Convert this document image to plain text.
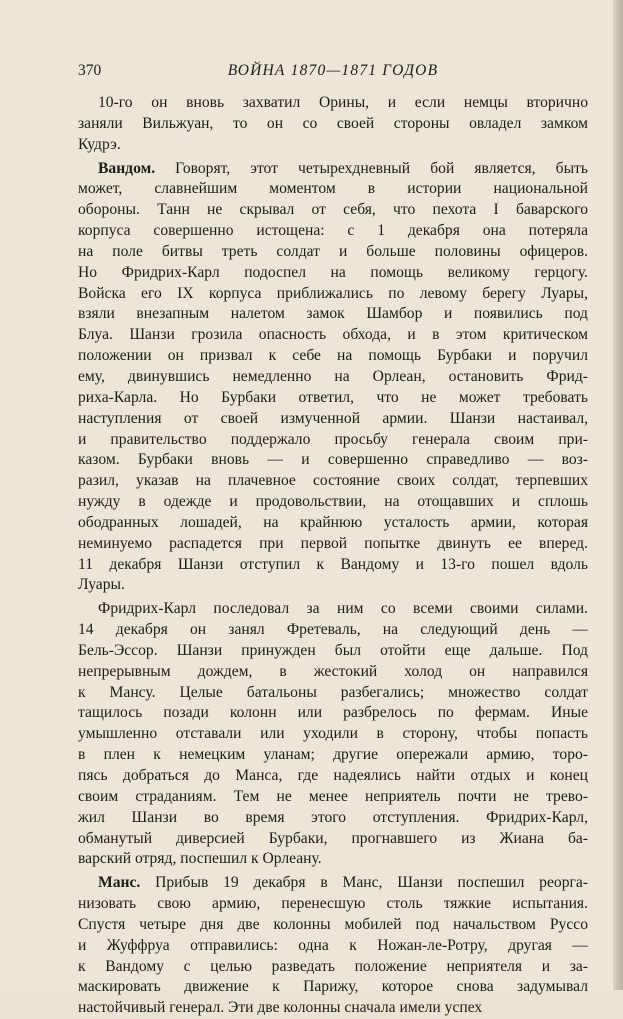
370	ВОЙНА 1870—1871 ГОДОВ
10-го он вновь захватил Орины, и если немцы вторично
заняли Вильжуан, то он со своей стороны овладел замком
Кудрэ.
Вандом. Говорят, этот четырехдневный бой является, быть
может, славнейшим моментом в истории национальной
обороны. Танн не скрывал от себя, что пехота I баварского
корпуса совершенно истощена: с 1 декабря она потеряла
на поле битвы треть солдат и больше половины офицеров.
Но Фридрих-Карл подоспел на помощь великому герцогу.
Войска его IX корпуса приближались по левому берегу Луары,
взяли внезапным налетом замок Шамбор и появились под
Блуа. Шанзи грозила опасность обхода, и в этом критическом
положении он призвал к себе на помощь Бурбаки и поручил
ему, двинувшись немедленно на Орлеан, остановить Фрид-
риха-Карла. Но Бурбаки ответил, что не может требовать
наступления от своей измученной армии. Шанзи настаивал,
и правительство поддержало просьбу генерала своим при-
казом. Бурбаки вновь — и совершенно справедливо — воз-
разил, указав на плачевное состояние своих солдат, терпевших
нужду в одежде и продовольствии, на отощавших и сплошь
ободранных лошадей, на крайнюю усталость армии, которая
неминуемо распадется при первой попытке двинуть ее вперед.
11 декабря Шанзи отступил к Вандому и 13-го пошел вдоль
Луары.
Фридрих-Карл последовал за ним со всеми своими силами.
14 декабря он занял Фретеваль, на следующий день —
Бель-Эссор. Шанзи принужден был отойти еще дальше. Под
непрерывным дождем, в жестокий холод он направился
к Мансу. Целые батальоны разбегались; множество солдат
тащилось позади колонн или разбрелось по фермам. Иные
умышленно отставали или уходили в сторону, чтобы попасть
в плен к немецким уланам; другие опережали армию, торо-
пясь добраться до Манса, где надеялись найти отдых и конец
своим страданиям. Тем не менее неприятель почти не трево-
жил Шанзи во время этого отступления. Фридрих-Карл,
обманутый диверсией Бурбаки, прогнавшего из Жиана ба-
варский отряд, поспешил к Орлеану.
Манс. Прибыв 19 декабря в Манс, Шанзи поспешил реорга-
низовать свою армию, перенесшую столь тяжкие испытания.
Спустя четыре дня две колонны мобилей под начальством Руссо
и Жуффруа отправились: одна к Ножан-ле-Ротру, другая —
к Вандому с целью разведать положение неприятеля и за-
маскировать движение к Парижу, которое снова задумывал
настойчивый генерал. Эти две колонны сначала имели успех
